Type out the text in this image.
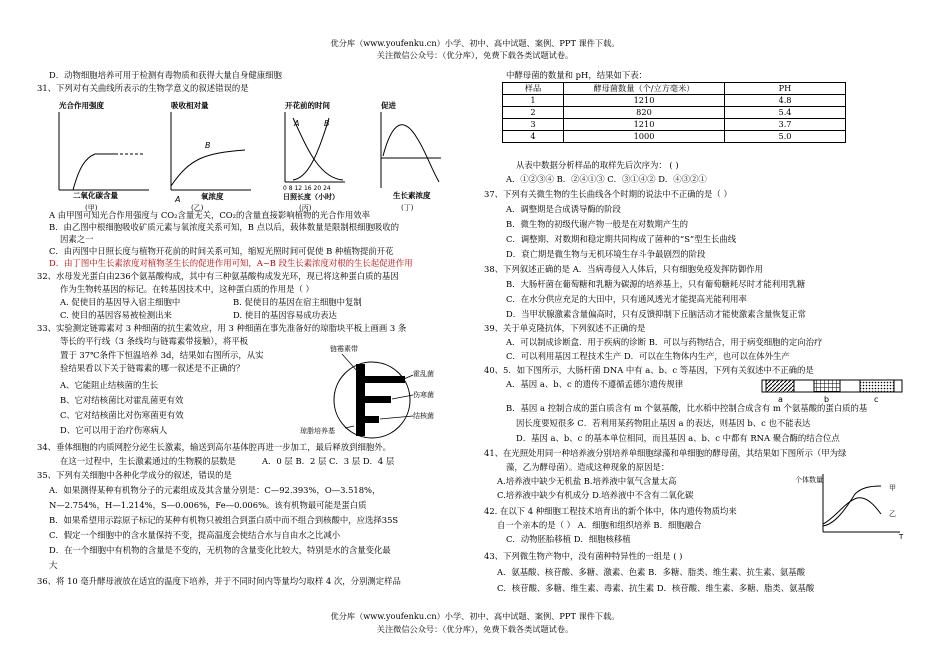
优分库（www.youfenku.cn）小学、初中、高中试题、案例、PPT 课件下载。
关注微信公众号：（优分库），免费下载各类试题试卷。
D．动物细胞培养可用于检测有毒物质和获得大量自身健康细胞
31、下列对有关曲线所表示的生物学意义的叙述错误的是
光合作用强度
二氧化碳含量
(甲)
吸收相对量
B
A	氧浓度
(乙)
开花前的时间
A	B
0 8 12 16 20 24
日照长度（小时）
(丙)
促进
生长素浓度
(丁)
A 由甲图可知光合作用强度与 CO₂含量无关，CO₂的含量直接影响植物的光合作用效率
B．由乙图中根细胞吸收矿质元素与氧浓度关系可知，B 点以后，载体数量是限制根细胞吸收的
因素之一
C．由丙图中日照长度与植物开花前的时间关系可知，缩短光照时间可促使 B 种植物提前开花
D．由丁图中生长素浓度对植物茎生长的促进作用可知，A~B 段生长素浓度对根的生长起促进作用
32、水母发光蛋白由236个氨基酸构成，其中有三种氨基酸构成发光环，现已将这种蛋白质的基因
作为生物转基因的标记。在转基因技术中，这种蛋白质的作用是（ ）
A. 促使目的基因导入宿主细胞中	B. 促使目的基因在宿主细胞中复制
C. 使目的基因容易被检测出来	D. 使目的基因容易成功表达
33、实验测定链霉素对 3 种细菌的抗生素效应，用 3 种细菌在事先准备好的琼脂块平板上画画 3 条
等长的平行线（3 条线均与链霉素带接触），将平板
置于 37℃条件下恒温培养 3d，结果如右图所示，从实
验结果看以下关于链霉素的哪一叙述是不正确的？
A、它能阻止结核菌的生长
B、它对结核菌比对霍乱菌更有效
C、它对结核菌比对伤寒菌更有效
D、它可以用于治疗伤寒病人
链霉素带
霍乱菌
伤寒菌
结核菌
琼脂培养基
34、垂体细胞的内质网腔分泌生长激素，输送到高尔基体腔再进一步加工，最后释放到细胞外。
在这一过程中，生长激素通过的生物膜的层数是	A．0 层 B．2 层 C．3 层 D．4 层
35、下列有关细胞中各种化学成分的叙述，错误的是
A．如果测得某种有机物分子的元素组成及其含量分别是：C—92.393%，O—3.518%，
N—2.754%，H—1.214%，S—0.006%，Fe—0.006%。该有机物最可能是蛋白质
B．如果希望用示踪原子标记的某种有机物只被组合到蛋白质中而不组合到核酸中，应选择35S
C．假定一个细胞中的含水量保持不变，提高温度会使结合水与自由水之比减小
D．在一个细胞中有机物的含量是不变的，无机物的含量变化比较大，特别是水的含量变化最
大
36、将 10 毫升酵母液放在适宜的温度下培养，并于不同时间内等量均匀取样 4 次，分别测定样品
中酵母菌的数量和 pH，结果如下表：
样品	酵母菌数量（个/立方毫米）	PH
1	1210	4.8
2	820	5.4
3	1210	3.7
4	1000	5.0
从表中数据分析样品的取样先后次序为： ( )
A．①②③④ B．②④①③ C．③①④② D．④③②①
37、下列有关微生物的生长曲线各个时期的说法中不正确的是（ ）
A．调整期是合成诱导酶的阶段
B．微生物的初级代谢产物一般是在对数期产生的
C．调整期、对数期和稳定期共同构成了菌种的“S”型生长曲线
D．衰亡期是微生物与无机环境生存斗争最剧烈的阶段
38、下列叙述正确的是 A．当病毒侵入人体后，只有细胞免疫发挥防御作用
B．大肠杆菌在葡萄糖和乳糖为碳源的培养基上，只有葡萄糖耗尽时才能利用乳糖
C．在水分供应充足的大田中，只有通风透光才能提高光能利用率
D．当甲状腺激素含量偏高时，只有反馈抑制下丘脑活动才能使激素含量恢复正常
39、关于单克隆抗体，下列叙述不正确的是
A．可以制成诊断盒．用于疾病的诊断 B．可以与药物结合，用于病变细胞的定向治疗
C．可以利用基因工程技术生产 D．可以在生物体内生产，也可以在体外生产
40、5．如下图所示，大肠杆菌 DNA 中有 a、b、c 等基因，下列有关叙述中不正确的是
A．基因 a、b、c 的遗传不遵循孟德尔遗传规律
a	b	c
B．基因 a 控制合成的蛋白质含有 m 个氨基酸，比水稻中控制合成含有 m 个氨基酸的蛋白质的基
因长度要短很多 C．若利用某药物阻止基因 a 的表达，则基因 b、c 也不能表达
D．基因 a、b、c 的基本单位相同，而且基因 a、b、c 中都有 RNA 聚合酶的结合位点
41、在光照处用同一种培养液分别培养单细胞绿藻和单细胞的酵母菌，其结果如下图所示（甲为绿
藻，乙为酵母菌）。造成这种现象的原因是：
A.培养液中缺少无机盐 B.培养液中氧气含量太高
C.培养液中缺少有机成分 D.培养液中不含有二氧化碳
42. 在以下 4 种细胞工程技术培育出的新个体中，体内遗传物质均来
自一个亲本的是（ ） A．细胞和组织培养 B．细胞融合
C．动物胚胎移植 D．细胞核移植
个体数量
甲
乙
T
43、下列微生物产物中，没有菌种特异性的一组是 ( )
A．氨基酸、核苷酸、多糖、激素、色素 B．多糖、脂类、维生素、抗生素、氨基酸
C．核苷酸、多糖、维生素、毒素、抗生素 D．核苷酸、维生素、多糖、脂类、氨基酸
优分库（www.youfenku.cn）小学、初中、高中试题、案例、PPT 课件下载。
关注微信公众号：（优分库），免费下载各类试题试卷。
